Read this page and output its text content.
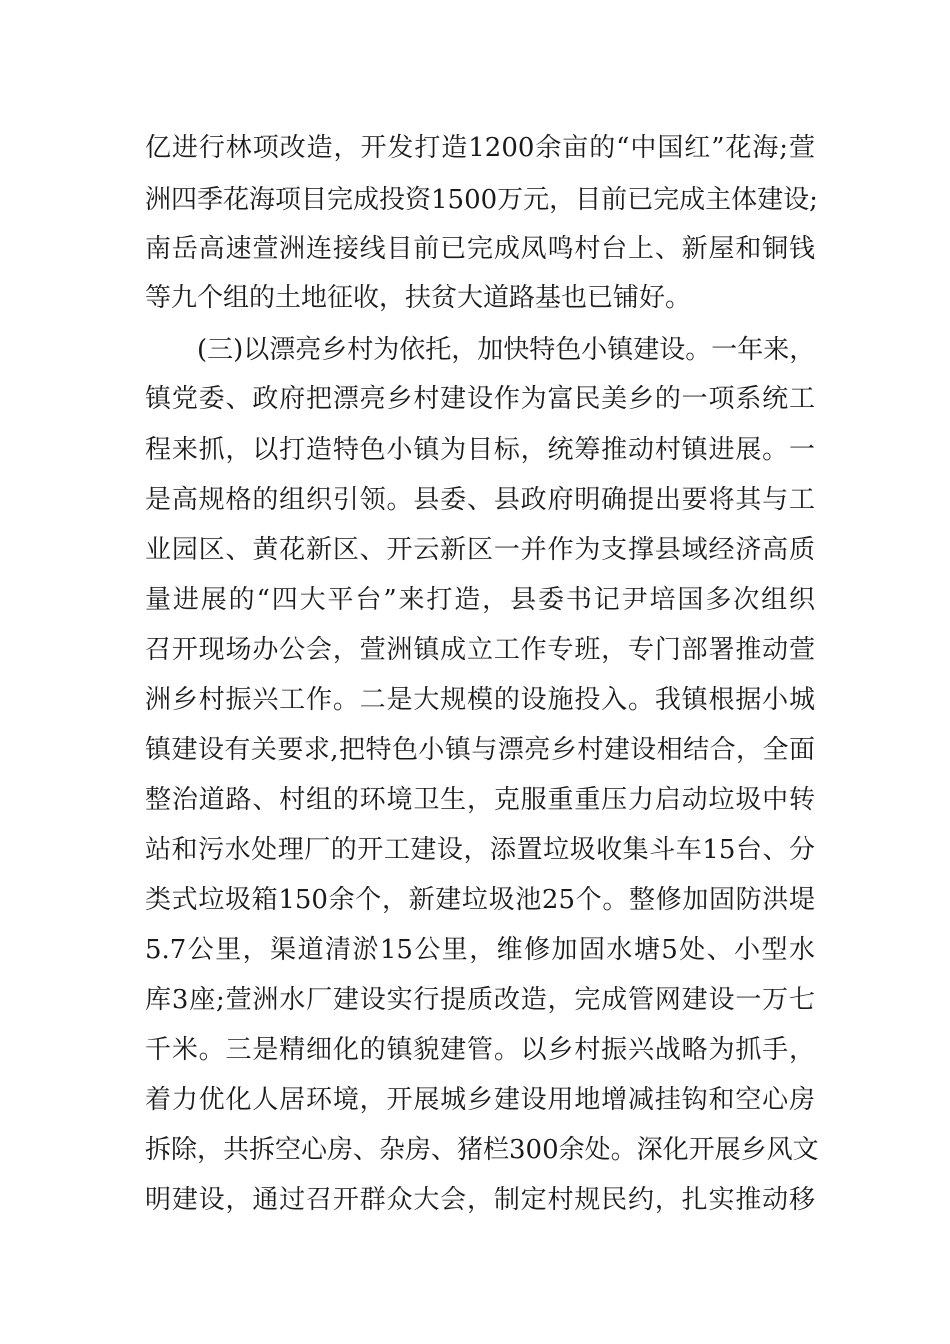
亿进行林项改造，开发打造1200余亩的“中国红”花海;萱
洲四季花海项目完成投资1500万元，目前已完成主体建设;
南岳高速萱洲连接线目前已完成凤鸣村台上、新屋和铜钱
等九个组的土地征收，扶贫大道路基也已铺好。
(三)以漂亮乡村为依托，加快特色小镇建设。一年来，
镇党委、政府把漂亮乡村建设作为富民美乡的一项系统工
程来抓，以打造特色小镇为目标，统筹推动村镇进展。一
是高规格的组织引领。县委、县政府明确提出要将其与工
业园区、黄花新区、开云新区一并作为支撑县域经济高质
量进展的“四大平台”来打造，县委书记尹培国多次组织
召开现场办公会，萱洲镇成立工作专班，专门部署推动萱
洲乡村振兴工作。二是大规模的设施投入。我镇根据小城
镇建设有关要求,把特色小镇与漂亮乡村建设相结合，全面
整治道路、村组的环境卫生，克服重重压力启动垃圾中转
站和污水处理厂的开工建设，添置垃圾收集斗车15台、分
类式垃圾箱150余个，新建垃圾池25个。整修加固防洪堤
5.7公里，渠道清淤15公里，维修加固水塘5处、小型水
库3座;萱洲水厂建设实行提质改造，完成管网建设一万七
千米。三是精细化的镇貌建管。以乡村振兴战略为抓手，
着力优化人居环境，开展城乡建设用地增减挂钩和空心房
拆除，共拆空心房、杂房、猪栏300余处。深化开展乡风文
明建设，通过召开群众大会，制定村规民约，扎实推动移
